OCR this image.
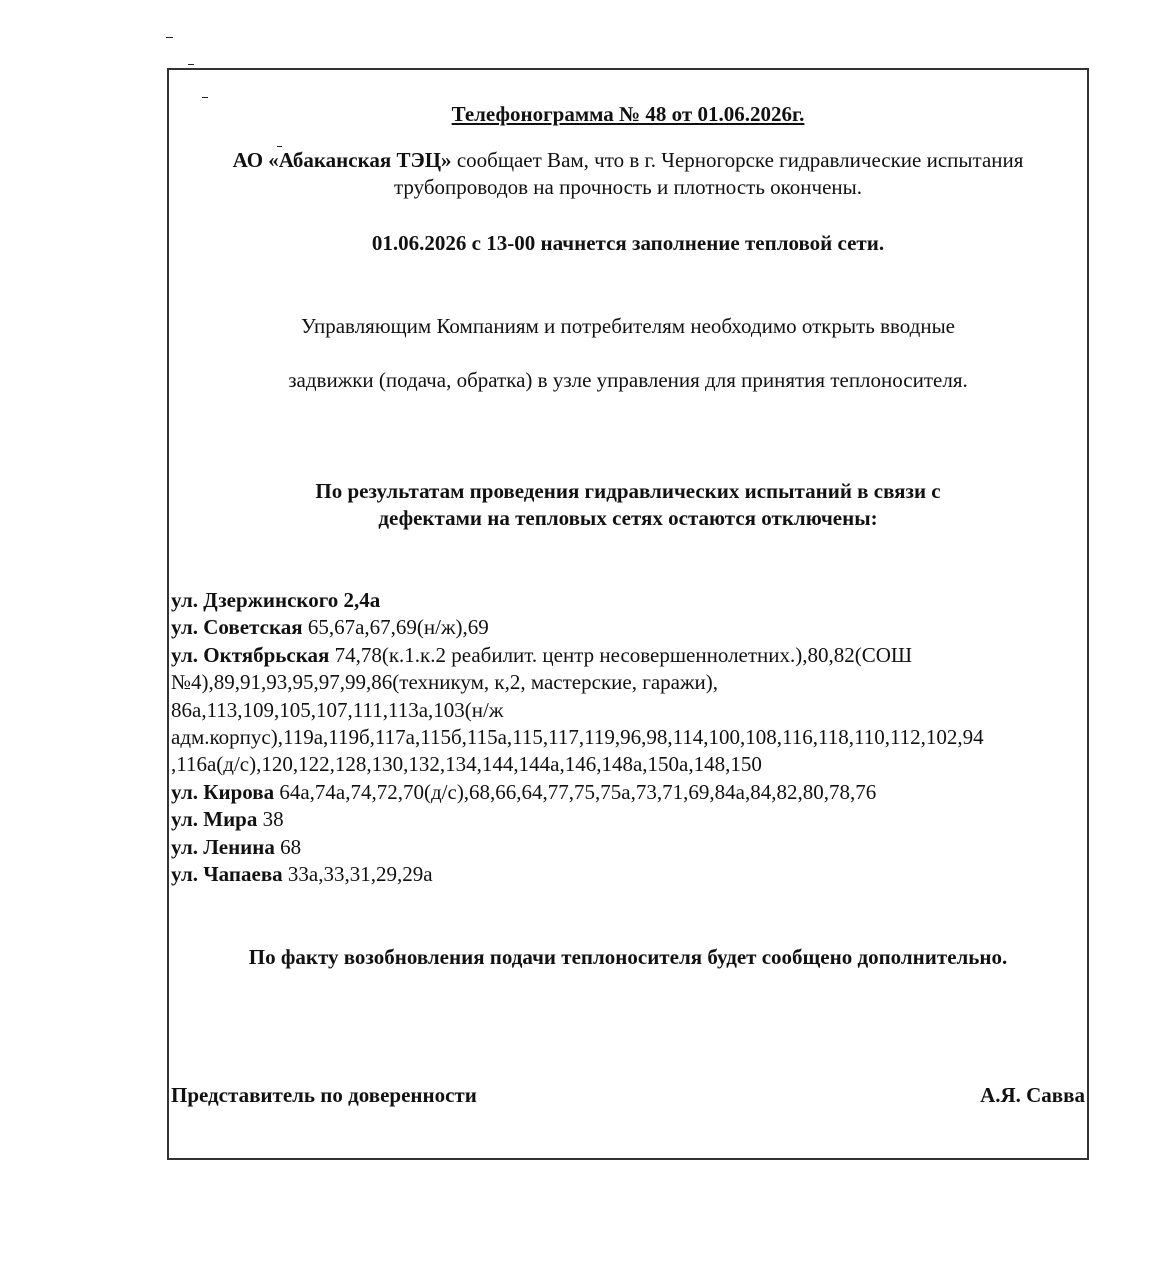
Телефонограмма № 48 от 01.06.2026г.
АО «Абаканская ТЭЦ» сообщает Вам, что в г. Черногорске гидравлические испытания
трубопроводов на прочность и плотность окончены.
01.06.2026 с 13-00 начнется заполнение тепловой сети.
Управляющим Компаниям и потребителям необходимо открыть вводные
задвижки (подача, обратка) в узле управления для принятия теплоносителя.
По результатам проведения гидравлических испытаний в связи с
дефектами на тепловых сетях остаются отключены:
ул. Дзержинского 2,4а
ул. Советская 65,67а,67,69(н/ж),69
ул. Октябрьская 74,78(к.1.к.2 реабилит. центр несовершеннолетних.),80,82(СОШ
№4),89,91,93,95,97,99,86(техникум, к,2, мастерские, гаражи),
86а,113,109,105,107,111,113а,103(н/ж
адм.корпус),119а,119б,117а,115б,115а,115,117,119,96,98,114,100,108,116,118,110,112,102,94
,116а(д/с),120,122,128,130,132,134,144,144а,146,148а,150а,148,150
ул. Кирова 64а,74а,74,72,70(д/с),68,66,64,77,75,75а,73,71,69,84а,84,82,80,78,76
ул. Мира 38
ул. Ленина 68
ул. Чапаева 33а,33,31,29,29а
По факту возобновления подачи теплоносителя будет сообщено дополнительно.
Представитель по доверенности	А.Я. Савва
